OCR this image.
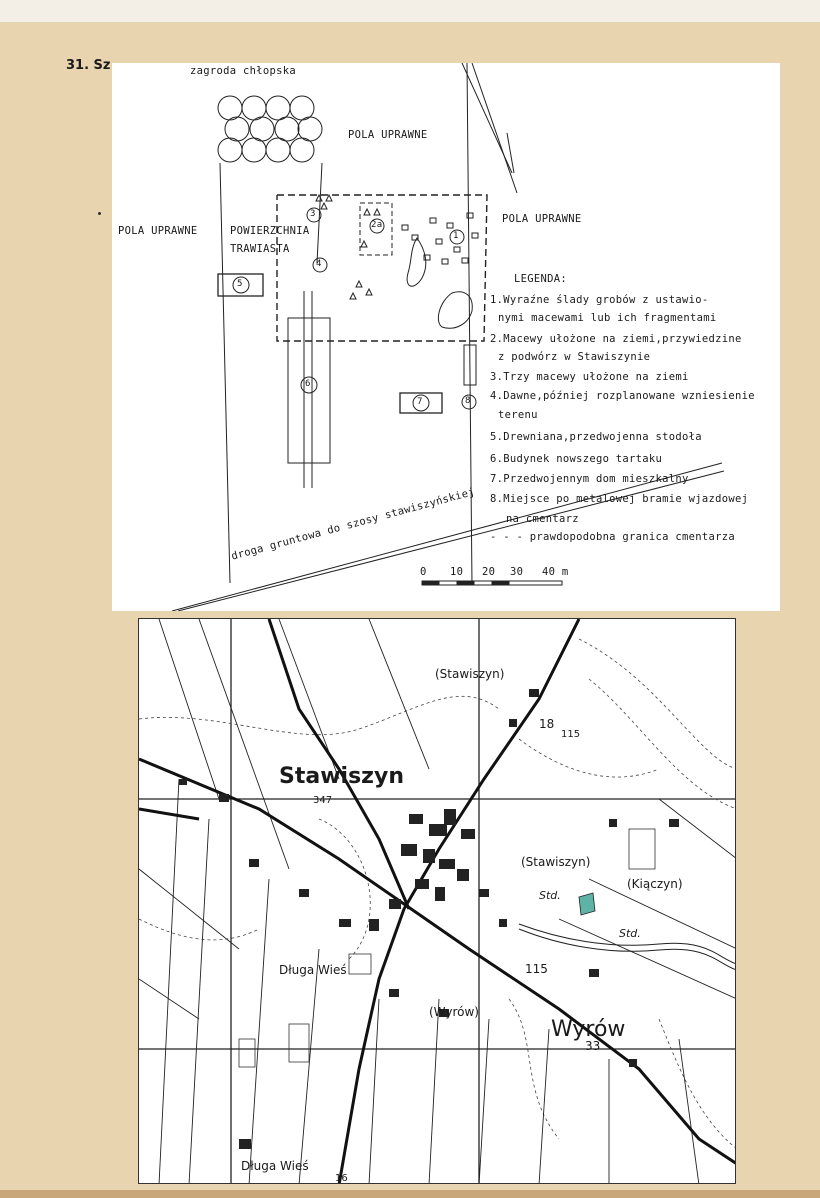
31. Sz	zagroda chłopska
POLA UPRAWNE
POLA UPRAWNE
POLA UPRAWNE	POWIERZCHNIA
TRAWIASTA
1
2a
3
4
5
6
7	8
droga gruntowa do szosy stawiszyńskiej
LEGENDA:
1.Wyraźne ślady grobów z ustawio-
nymi macewami lub ich fragmentami
2.Macewy ułożone na ziemi,przywiedzine
z podwórz w Stawiszynie
3.Trzy macewy ułożone na ziemi
4.Dawne,później rozplanowane wzniesienie
terenu
5.Drewniana,przedwojenna stodoła
6.Budynek nowszego tartaku
7.Przedwojennym dom mieszkalny
8.Miejsce po metalowej bramie wjazdowej
na cmentarz
- - - prawdopodobna granica cmentarza
0 10 20 30 40 m
Stawiszyn
(Stawiszyn)
(Stawiszyn)
(Kiączyn)
Std.
Std.
Długa Wieś
Długa Wieś
(Wyrów)
Wyrów
347
18
115
115
33
16
